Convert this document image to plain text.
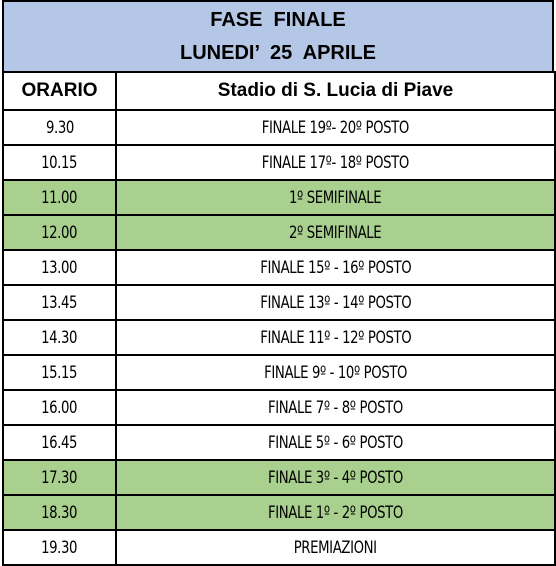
FASE  FINALE
LUNEDI’  25  APRILE
ORARIO	Stadio di S. Lucia di Piave
9.30	FINALE 19º- 20º POSTO
10.15	FINALE 17º- 18º POSTO
11.00	1º SEMIFINALE
12.00	2º SEMIFINALE
13.00	FINALE 15º - 16º POSTO
13.45	FINALE 13º - 14º POSTO
14.30	FINALE 11º - 12º POSTO
15.15	FINALE 9º - 10º POSTO
16.00	FINALE 7º - 8º POSTO
16.45	FINALE 5º - 6º POSTO
17.30	FINALE 3º - 4º POSTO
18.30	FINALE 1º - 2º POSTO
19.30	PREMIAZIONI
